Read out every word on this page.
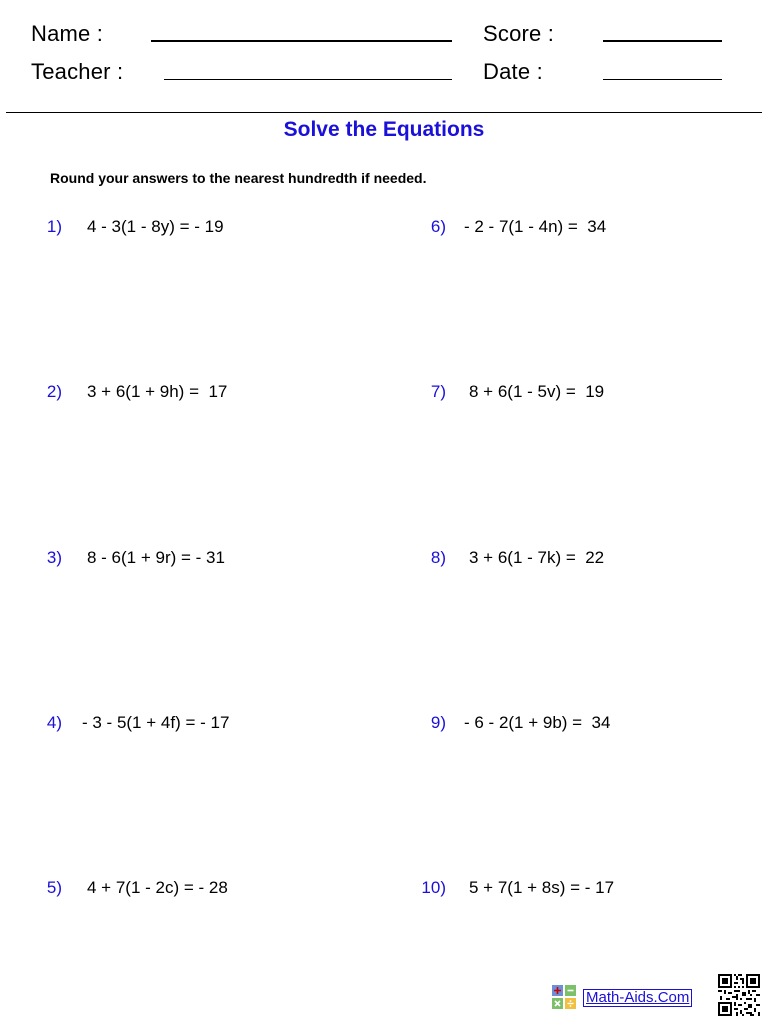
Name :
Teacher :
Score :
Date :
Solve the Equations
Round your answers to the nearest hundredth if needed.
1) 4 - 3(1 - 8y) = - 19
2) 3 + 6(1 + 9h) =  17
3) 8 - 6(1 + 9r) = - 31
4) - 3 - 5(1 + 4f) = - 17
5) 4 + 7(1 - 2c) = - 28
6) - 2 - 7(1 - 4n) =  34
7) 8 + 6(1 - 5v) =  19
8) 3 + 6(1 - 7k) =  22
9) - 6 - 2(1 + 9b) =  34
10) 5 + 7(1 + 8s) = - 17
Math-Aids.Com
